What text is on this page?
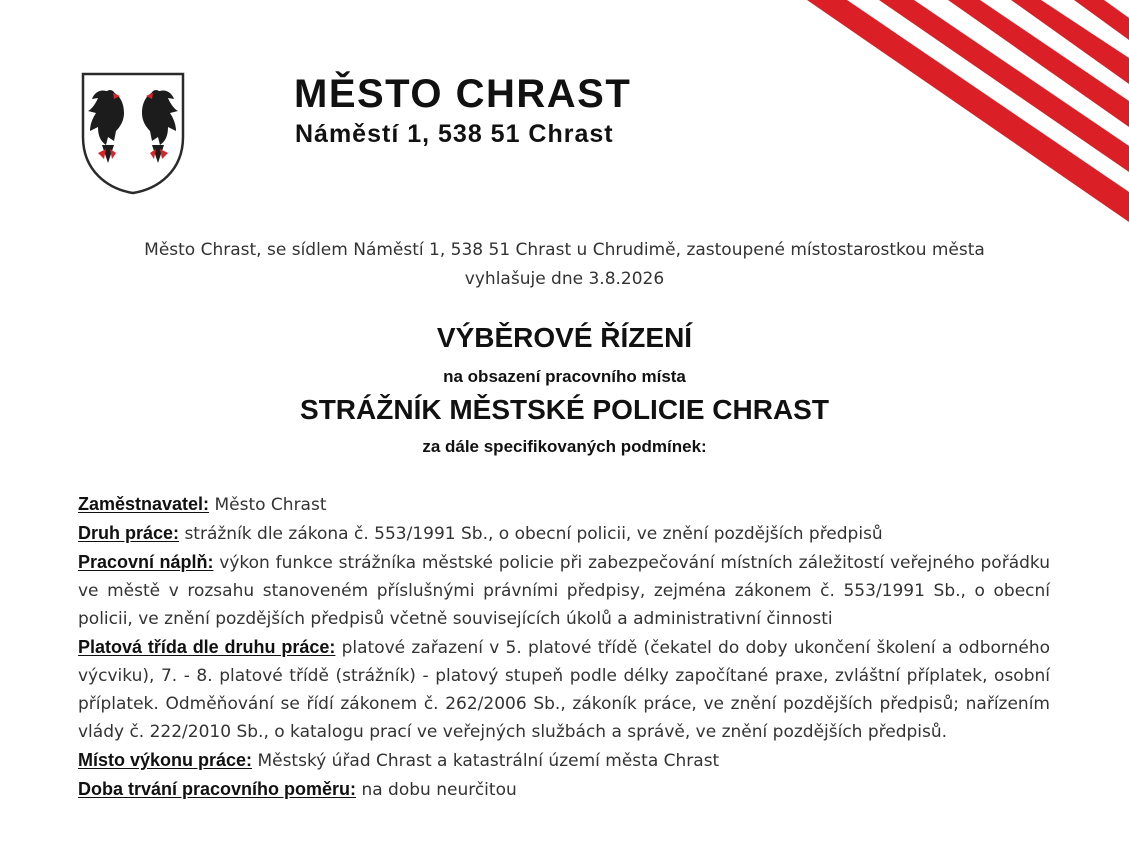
MĚSTO CHRAST
Náměstí 1, 538 51 Chrast
Město Chrast, se sídlem Náměstí 1, 538 51 Chrast u Chrudimě, zastoupené místostarostkou města
vyhlašuje dne 3.8.2026
VÝBĚROVÉ ŘÍZENÍ
na obsazení pracovního místa
STRÁŽNÍK MĚSTSKÉ POLICIE CHRAST
za dále specifikovaných podmínek:

Zaměstnavatel: Město Chrast

Druh práce: strážník dle zákona č. 553/1991 Sb., o obecní policii, ve znění pozdějších předpisů

Pracovní náplň: výkon funkce strážníka městské policie při zabezpečování místních záležitostí veřejného pořádku ve městě v rozsahu stanoveném příslušnými právními předpisy, zejména zákonem č. 553/1991 Sb., o obecní policii, ve znění pozdějších předpisů včetně souvisejících úkolů a administrativní činnosti

Platová třída dle druhu práce: platové zařazení v 5. platové třídě (čekatel do doby ukončení školení a odborného výcviku), 7. - 8. platové třídě (strážník) - platový stupeň podle délky započítané praxe, zvláštní příplatek, osobní příplatek. Odměňování se řídí zákonem č. 262/2006 Sb., zákoník práce, ve znění pozdějších předpisů; nařízením vlády č. 222/2010 Sb., o katalogu prací ve veřejných službách a správě, ve znění pozdějších předpisů.

Místo výkonu práce: Městský úřad Chrast a katastrální území města Chrast

Doba trvání pracovního poměru: na dobu neurčitou
